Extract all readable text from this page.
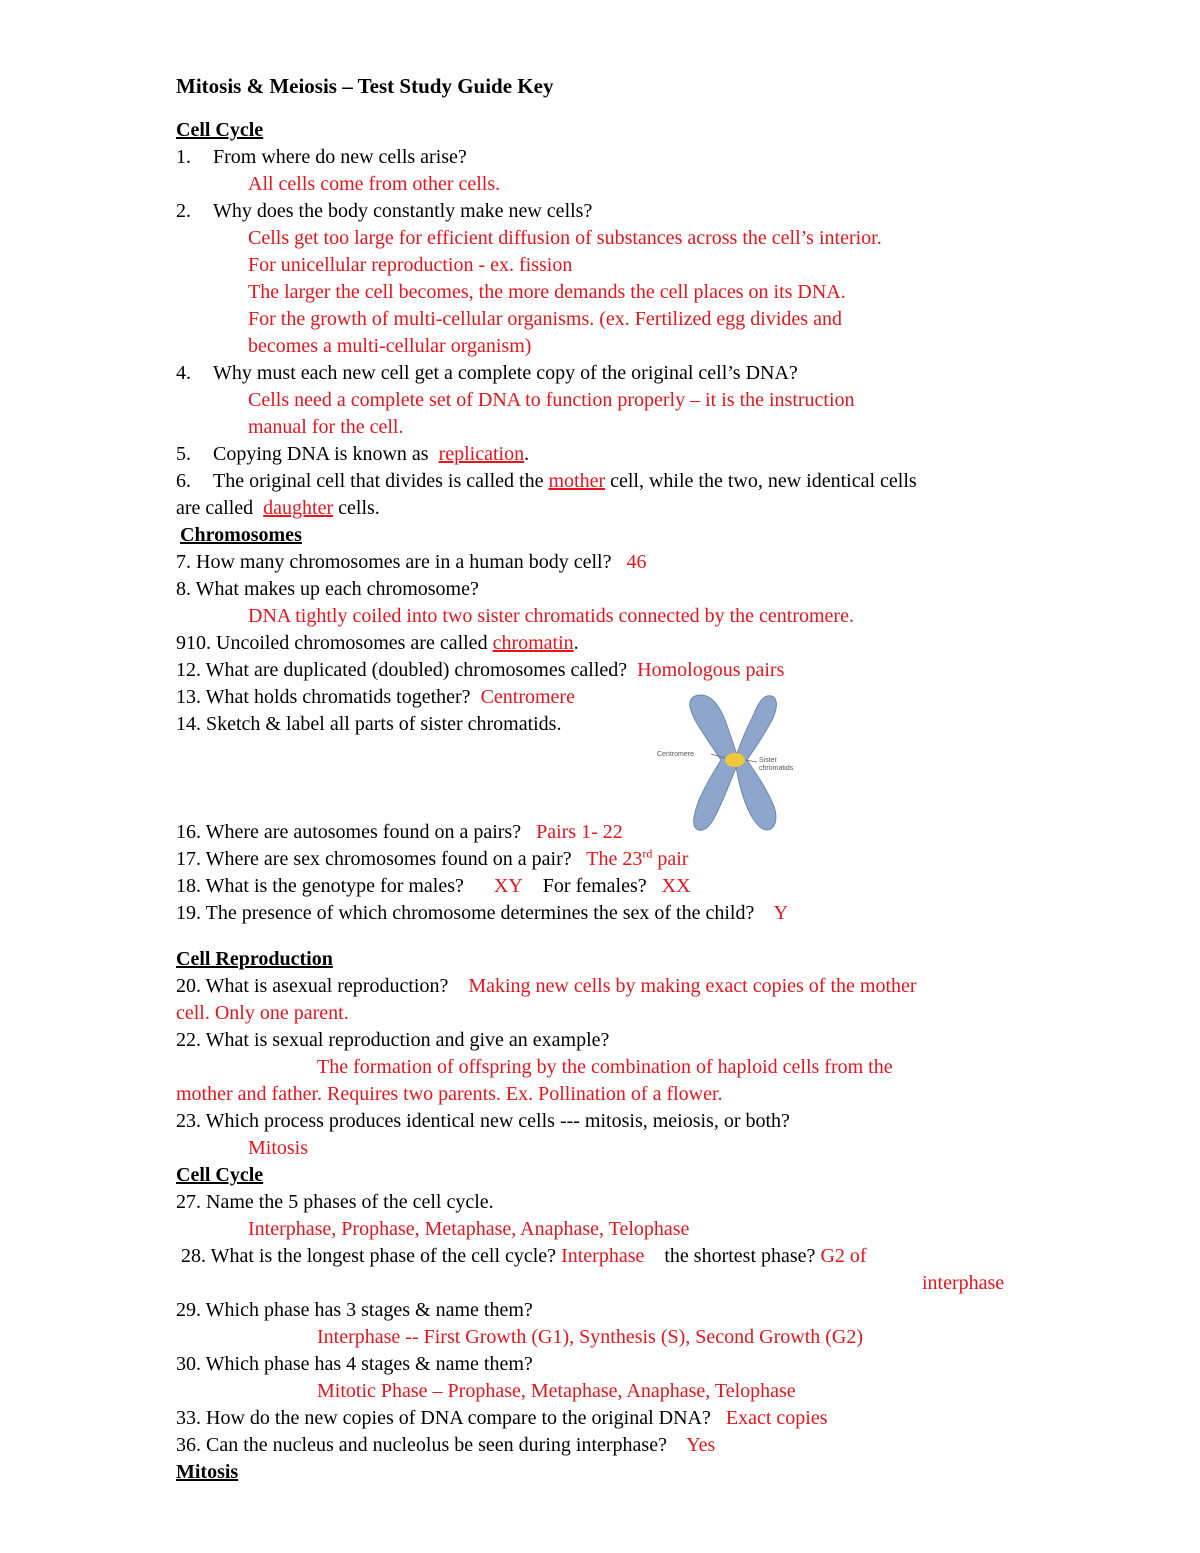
Mitosis & Meiosis – Test Study Guide Key
Cell Cycle
1. From where do new cells arise?
All cells come from other cells.
2. Why does the body constantly make new cells?
Cells get too large for efficient diffusion of substances across the cell’s interior.
For unicellular reproduction - ex. fission
The larger the cell becomes, the more demands the cell places on its DNA.
For the growth of multi-cellular organisms. (ex. Fertilized egg divides and
becomes a multi-cellular organism)
4. Why must each new cell get a complete copy of the original cell’s DNA?
Cells need a complete set of DNA to function properly – it is the instruction
manual for the cell.
5. Copying DNA is known as replication.
6. The original cell that divides is called the mother cell, while the two, new identical cells
are called daughter cells.
Chromosomes
7. How many chromosomes are in a human body cell? 46
8. What makes up each chromosome?
DNA tightly coiled into two sister chromatids connected by the centromere.
910. Uncoiled chromosomes are called chromatin.
12. What are duplicated (doubled) chromosomes called? Homologous pairs
13. What holds chromatids together? Centromere
14. Sketch & label all parts of sister chromatids.
Centromere
Sister
chromatids
16. Where are autosomes found on a pairs? Pairs 1- 22
17. Where are sex chromosomes found on a pair? The 23rd pair
18. What is the genotype for males? XY For females? XX
19. The presence of which chromosome determines the sex of the child? Y
Cell Reproduction
20. What is asexual reproduction? Making new cells by making exact copies of the mother
cell. Only one parent.
22. What is sexual reproduction and give an example?
The formation of offspring by the combination of haploid cells from the
mother and father. Requires two parents. Ex. Pollination of a flower.
23. Which process produces identical new cells --- mitosis, meiosis, or both?
Mitosis
Cell Cycle
27. Name the 5 phases of the cell cycle.
Interphase, Prophase, Metaphase, Anaphase, Telophase
28. What is the longest phase of the cell cycle? Interphase the shortest phase? G2 of
interphase
29. Which phase has 3 stages & name them?
Interphase -- First Growth (G1), Synthesis (S), Second Growth (G2)
30. Which phase has 4 stages & name them?
Mitotic Phase – Prophase, Metaphase, Anaphase, Telophase
33. How do the new copies of DNA compare to the original DNA? Exact copies
36. Can the nucleus and nucleolus be seen during interphase? Yes
Mitosis
